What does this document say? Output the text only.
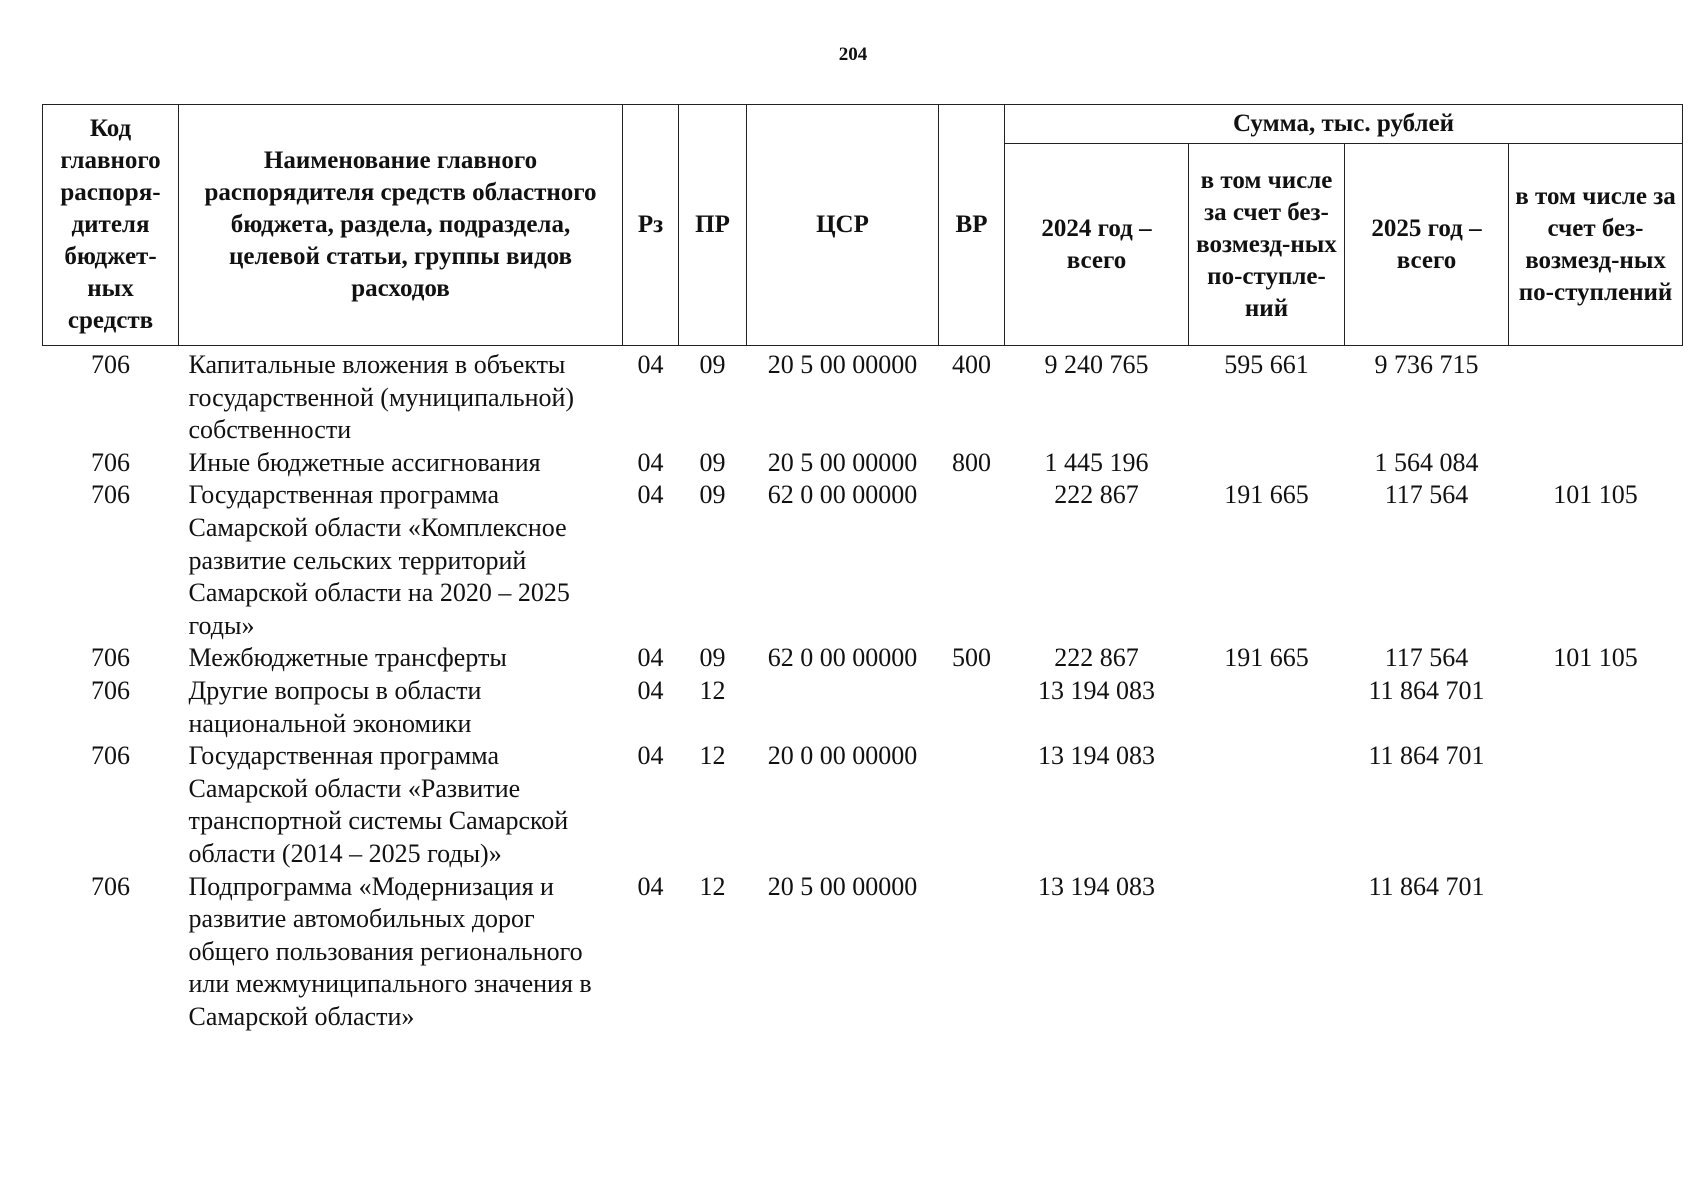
204
Код главного распоря-дителя бюджет-ных средств	Наименование главного распорядителя средств областного бюджета, раздела, подраздела, целевой статьи, группы видов расходов	Рз	ПР	ЦСР	ВР	Сумма, тыс. рублей			
						2024 год – всего	в том числе за счет без-возмезд-ных по-ступле-ний	2025 год – всего	в том числе за счет без-возмезд-ных по-ступлений
706	Капитальные вложения в объекты государственной (муниципальной) собственности	04	09	20 5 00 00000	400	9 240 765	595 661	9 736 715	
706	Иные бюджетные ассигнования	04	09	20 5 00 00000	800	1 445 196		1 564 084	
706	Государственная программа Самарской области «Комплексное развитие сельских территорий Самарской области на 2020 – 2025 годы»	04	09	62 0 00 00000		222 867	191 665	117 564	101 105
706	Межбюджетные трансферты	04	09	62 0 00 00000	500	222 867	191 665	117 564	101 105
706	Другие вопросы в области национальной экономики	04	12			13 194 083		11 864 701	
706	Государственная программа Самарской области «Развитие транспортной системы Самарской области (2014 – 2025 годы)»	04	12	20 0 00 00000		13 194 083		11 864 701	
706	Подпрограмма «Модернизация и развитие автомобильных дорог общего пользования регионального или межмуниципального значения в Самарской области»	04	12	20 5 00 00000		13 194 083		11 864 701	
